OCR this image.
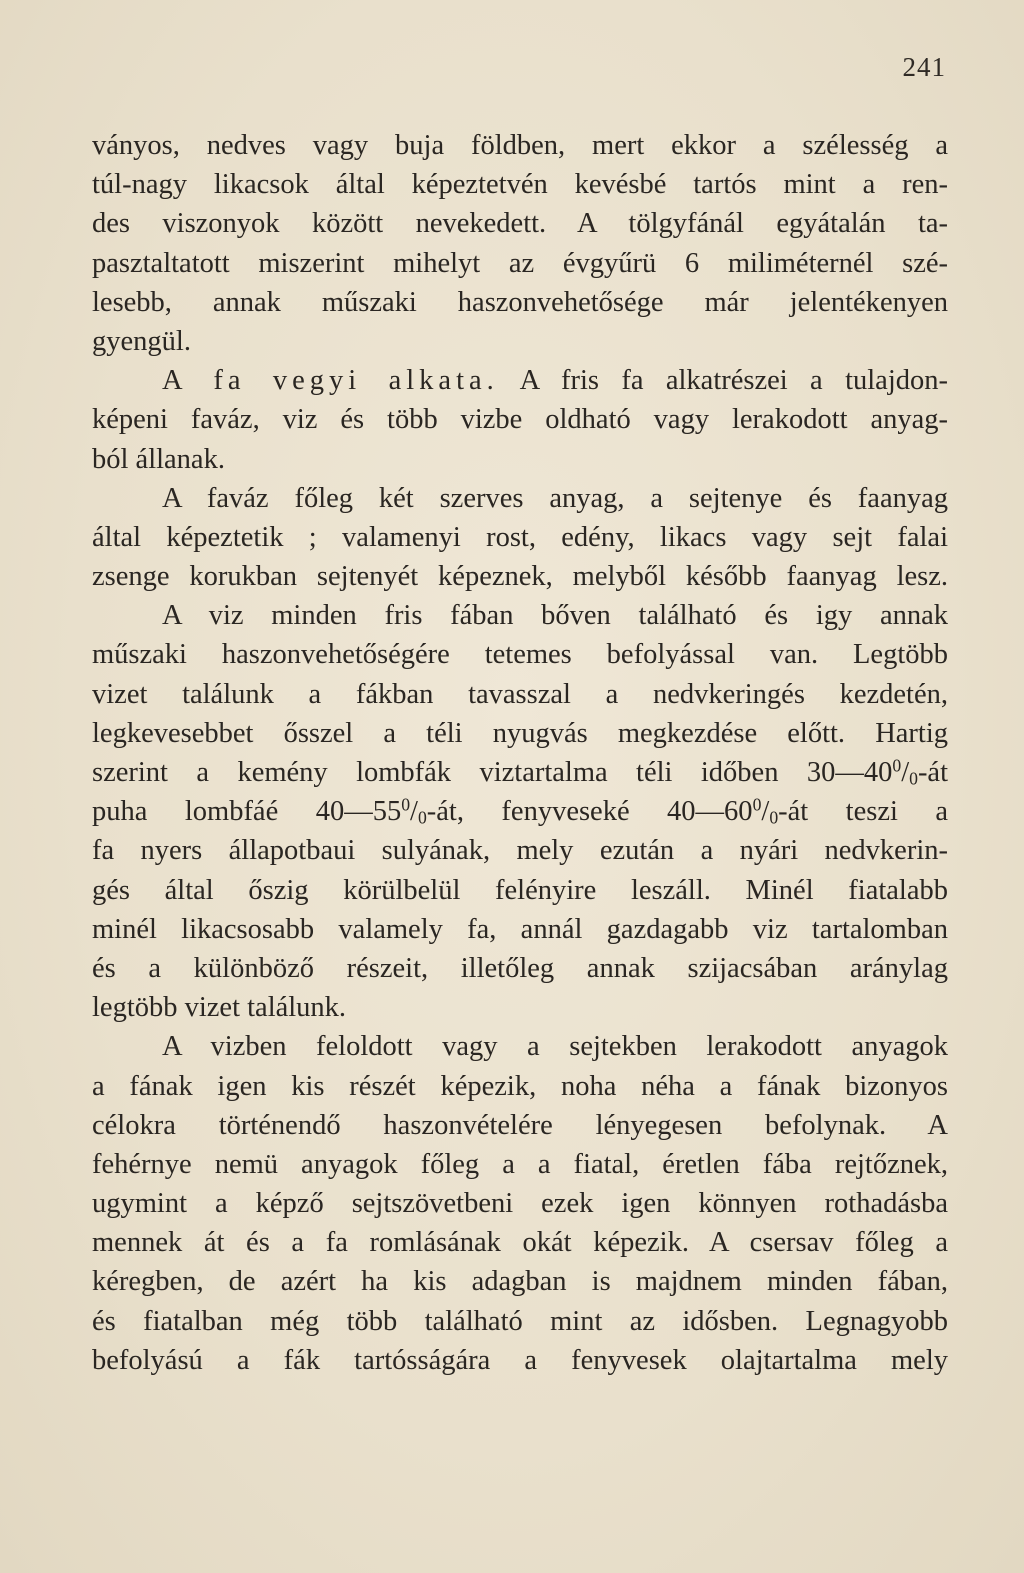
241
ványos, nedves vagy buja földben, mert ekkor a szélesség a
túl-nagy likacsok által képeztetvén kevésbé tartós mint a ren-
des viszonyok között nevekedett. A tölgyfánál egyátalán ta-
pasztaltatott miszerint mihelyt az évgyűrü 6 miliméternél szé-
lesebb, annak műszaki haszonvehetősége már jelentékenyen
gyengül.
A fa vegyi alkata. A fris fa alkatrészei a tulajdon-
képeni faváz, viz és több vizbe oldható vagy lerakodott anyag-
ból állanak.
A faváz főleg két szerves anyag, a sejtenye és faanyag
által képeztetik ; valamenyi rost, edény, likacs vagy sejt falai
zsenge korukban sejtenyét képeznek, melyből később faanyag lesz.
A viz minden fris fában bőven található és igy annak
műszaki haszonvehetőségére tetemes befolyással van. Legtöbb
vizet találunk a fákban tavasszal a nedvkeringés kezdetén,
legkevesebbet ősszel a téli nyugvás megkezdése előtt. Hartig
szerint a kemény lombfák viztartalma téli időben $30—40^0/_0-át$
puha lombfáé $40—55^0/_0-át$, fenyveseké $40—60^0/_0-át$ teszi a
fa nyers állapotbaui sulyának, mely ezután a nyári nedvkerin-
gés által őszig körülbelül felényire leszáll. Minél fiatalabb
minél likacsosabb valamely fa, annál gazdagabb viz tartalomban
és a különböző részeit, illetőleg annak szijacsában aránylag
legtöbb vizet találunk.
A vizben feloldott vagy a sejtekben lerakodott anyagok
a fának igen kis részét képezik, noha néha a fának bizonyos
célokra történendő haszonvételére lényegesen befolynak. A
fehérnye nemü anyagok főleg a a fiatal, éretlen fába rejtőznek,
ugymint a képző sejtszövetbeni ezek igen könnyen rothadásba
mennek át és a fa romlásának okát képezik. A csersav főleg a
kéregben, de azért ha kis adagban is majdnem minden fában,
és fiatalban még több található mint az idősben. Legnagyobb
befolyású a fák tartósságára a fenyvesek olajtartalma mely
